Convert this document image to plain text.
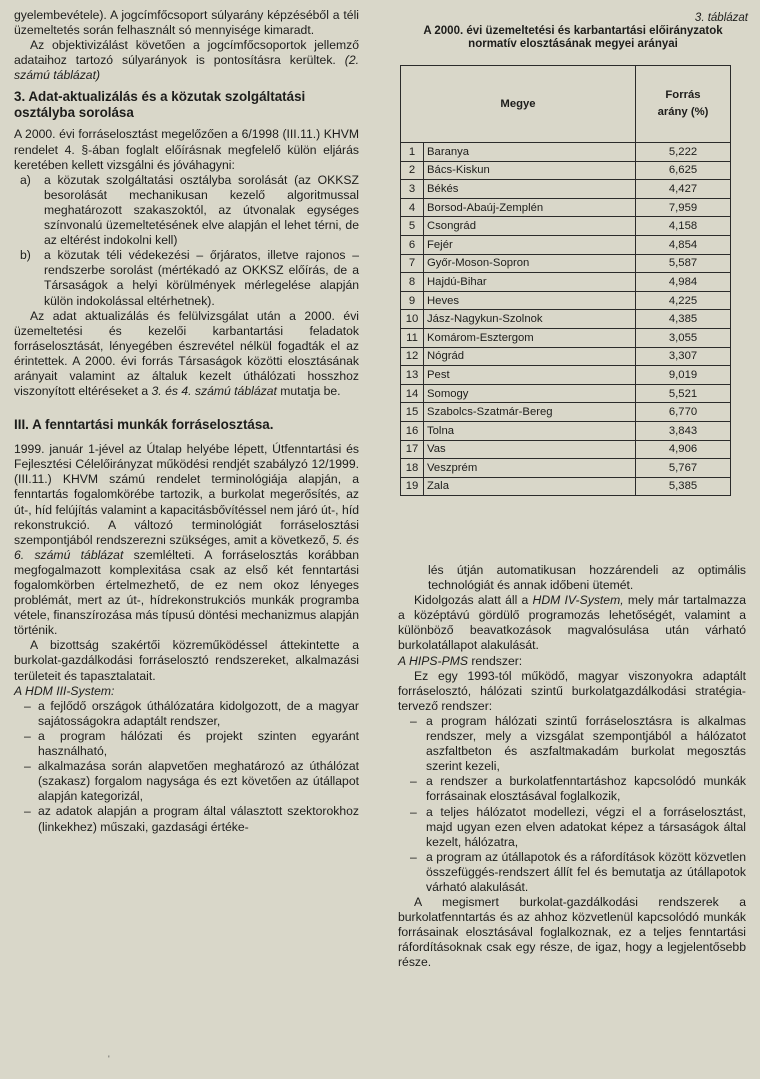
gyelembevétele). A jogcímfőcsoport súlyarány képzéséből a téli üzemeltetés során felhasznált só mennyisége kimaradt.

Az objektivizálást követően a jogcímfőcsoportok jellemző adataihoz tartozó súlyarányok is pontosításra kerültek. (2. számú táblázat)

3. Adat-aktualizálás és a közutak szolgáltatási osztályba sorolása

A 2000. évi forráselosztást megelőzően a 6/1998 (III.11.) KHVM rendelet 4. §-ában foglalt előírásnak megfelelő külön eljárás keretében kellett vizsgálni és jóváhagyni:

a)	a közutak szolgáltatási osztályba sorolását (az OKKSZ besorolását mechanikusan kezelő algoritmussal meghatározott szakaszoktól, az útvonalak egységes színvonalú üzemeltetésének elve alapján el lehet térni, de az eltérést indokolni kell)
b)	a közutak téli védekezési – őrjáratos, illetve rajonos – rendszerbe sorolást (mértékadó az OKKSZ előírás, de a Társaságok a helyi körülmények mérlegelése alapján külön indokolással eltérhetnek).

Az adat aktualizálás és felülvizsgálat után a 2000. évi üzemeltetési és kezelői karbantartási feladatok forráselosztását, lényegében észrevétel nélkül fogadták el az érintettek. A 2000. évi forrás Társaságok közötti elosztásának arányait valamint az általuk kezelt úthálózati hosszhoz viszonyított eltéréseket a 3. és 4. számú táblázat mutatja be.

III. A fenntartási munkák forráselosztása.

1999. január 1-jével az Útalap helyébe lépett, Útfenntartási és Fejlesztési Célelőirányzat működési rendjét szabályzó 12/1999. (III.11.) KHVM számú rendelet terminológiája alapján, a fenntartás fogalomkörébe tartozik, a burkolat megerősítés, az út-, híd felújítás valamint a kapacitásbővítéssel nem járó út-, híd rekonstrukció. A változó terminológiát forráselosztási szempontjából rendszerezni szükséges, amit a következő, 5. és 6. számú táblázat szemlélteti. A forráselosztás korábban megfogalmazott komplexitása csak az első két fenntartási fogalomkörben értelmezhető, de ez nem okoz lényeges problémát, mert az út-, hídrekonstrukciós munkák programba vétele, finanszírozása más típusú döntési mechanizmus alapján történik.

A bizottság szakértői közreműködéssel áttekintette a burkolat-gazdálkodási forráselosztó rendszereket, alkalmazási területeit és tapasztalatait.

A HDM III-System:

– a fejlődő országok úthálózatára kidolgozott, de a magyar sajátosságokra adaptált rendszer,
– a program hálózati és projekt szinten egyaránt használható,
– alkalmazása során alapvetően meghatározó az úthálózat (szakasz) forgalom nagysága és ezt követően az útállapot alapján kategorizál,
– az adatok alapján a program által választott szektorokhoz (linkekhez) műszaki, gazdasági értéke-
3. táblázat
A 2000. évi üzemeltetési és karbantartási előirányzatok normatív elosztásának megyei arányai
Megye		Forrás arány (%)
1	Baranya	5,222
2	Bács-Kiskun	6,625
3	Békés	4,427
4	Borsod-Abaúj-Zemplén	7,959
5	Csongrád	4,158
6	Fejér	4,854
7	Győr-Moson-Sopron	5,587
8	Hajdú-Bihar	4,984
9	Heves	4,225
10	Jász-Nagykun-Szolnok	4,385
11	Komárom-Esztergom	3,055
12	Nógrád	3,307
13	Pest	9,019
14	Somogy	5,521
15	Szabolcs-Szatmár-Bereg	6,770
16	Tolna	3,843
17	Vas	4,906
18	Veszprém	5,767
19	Zala	5,385

lés útján automatikusan hozzárendeli az optimális technológiát és annak időbeni ütemét.

Kidolgozás alatt áll a HDM IV-System, mely már tartalmazza a középtávú gördülő programozás lehetőségét, valamint a különböző beavatkozások magvalósulása után várható burkolatállapot alakulását.

A HIPS-PMS rendszer:

Ez egy 1993-tól működő, magyar viszonyokra adaptált forráselosztó, hálózati szintű burkolatgazdálkodási stratégia-tervező rendszer:

– a program hálózati szintű forráselosztásra is alkalmas rendszer, mely a vizsgálat szempontjából a hálózatot aszfaltbeton és aszfaltmakadám burkolat megosztás szerint kezeli,
– a rendszer a burkolatfenntartáshoz kapcsolódó munkák forrásainak elosztásával foglalkozik,
– a teljes hálózatot modellezi, végzi el a forráselosztást, majd ugyan ezen elven adatokat képez a társaságok által kezelt, hálózatra,
– a program az útállapotok és a ráfordítások között közvetlen összefüggés-rendszert állít fel és bemutatja az útállapotok várható alakulását.

A megismert burkolat-gazdálkodási rendszerek a burkolatfenntartás és az ahhoz közvetlenül kapcsolódó munkák forrásainak elosztásával foglalkoznak, ez a teljes fenntartási ráfordításoknak csak egy része, de igaz, hogy a legjelentősebb része.

'
